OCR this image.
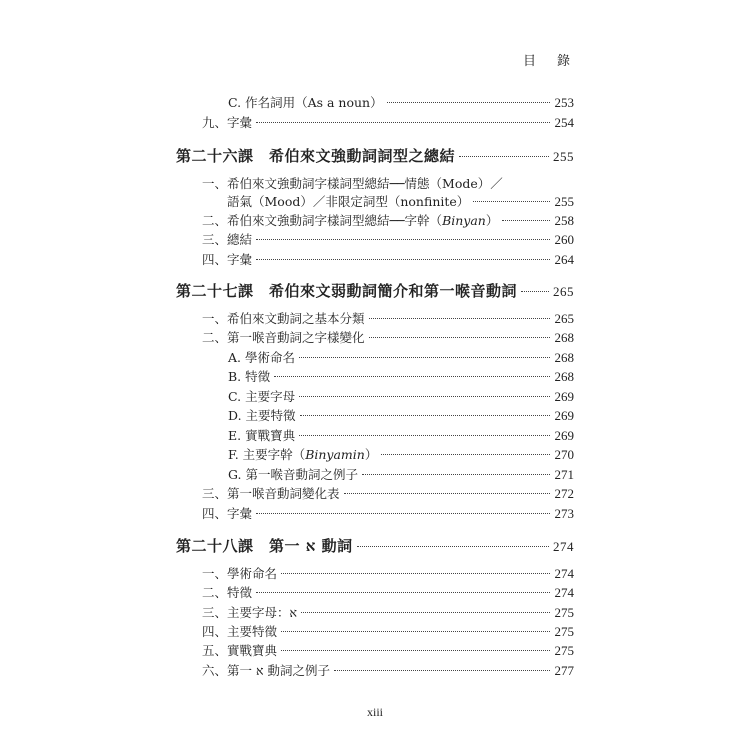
目　錄
C. 作名詞用（As a noun）	253
九、字彙	254
第二十六課　希伯來文強動詞詞型之總結	255
一、希伯來文強動詞字樣詞型總結──情態（Mode）／
語氣（Mood）／非限定詞型（nonfinite）	255
二、希伯來文強動詞字樣詞型總結──字幹（Binyan）	258
三、總結	260
四、字彙	264
第二十七課　希伯來文弱動詞簡介和第一喉音動詞	265
一、希伯來文動詞之基本分類	265
二、第一喉音動詞之字樣變化	268
A. 學術命名	268
B. 特徵	268
C. 主要字母	269
D. 主要特徵	269
E. 實戰寶典	269
F. 主要字幹（Binyamin）	270
G. 第一喉音動詞之例子	271
三、第一喉音動詞變化表	272
四、字彙	273
第二十八課　第一 א 動詞	274
一、學術命名	274
二、特徵	274
三、主要字母：א	275
四、主要特徵	275
五、實戰寶典	275
六、第一 א 動詞之例子	277
xiii
